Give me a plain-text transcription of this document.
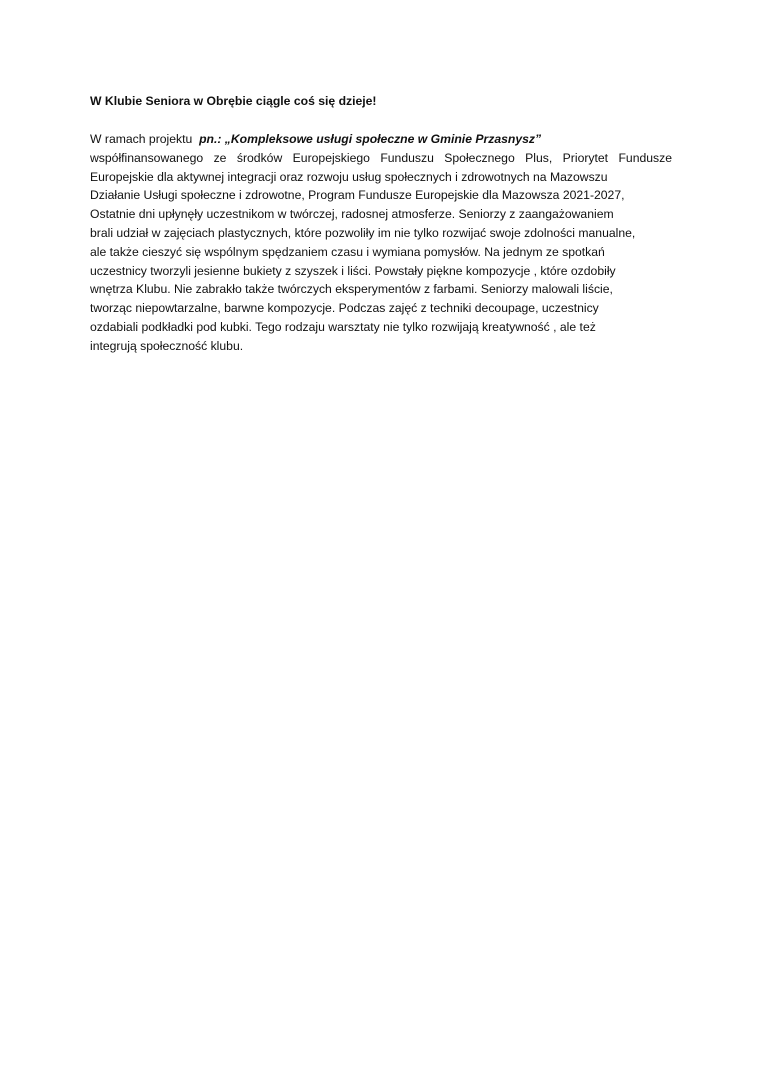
W Klubie Seniora w Obrębie ciągle coś się dzieje!
W ramach projektu pn.: „Kompleksowe usługi społeczne w Gminie Przasnysz”
współfinansowanego ze środków Europejskiego Funduszu Społecznego Plus, Priorytet Fundusze
Europejskie dla aktywnej integracji oraz rozwoju usług społecznych i zdrowotnych na Mazowszu
Działanie Usługi społeczne i zdrowotne, Program Fundusze Europejskie dla Mazowsza 2021-2027,
Ostatnie dni upłynęły uczestnikom w twórczej, radosnej atmosferze. Seniorzy z zaangażowaniem
brali udział w zajęciach plastycznych, które pozwoliły im nie tylko rozwijać swoje zdolności manualne,
ale także cieszyć się wspólnym spędzaniem czasu i wymiana pomysłów. Na jednym ze spotkań
uczestnicy tworzyli jesienne bukiety z szyszek i liści. Powstały piękne kompozycje , które ozdobiły
wnętrza Klubu. Nie zabrakło także twórczych eksperymentów z farbami. Seniorzy malowali liście,
tworząc niepowtarzalne, barwne kompozycje. Podczas zajęć z techniki decoupage, uczestnicy
ozdabiali podkładki pod kubki. Tego rodzaju warsztaty nie tylko rozwijają kreatywność , ale też
integrują społeczność klubu.
